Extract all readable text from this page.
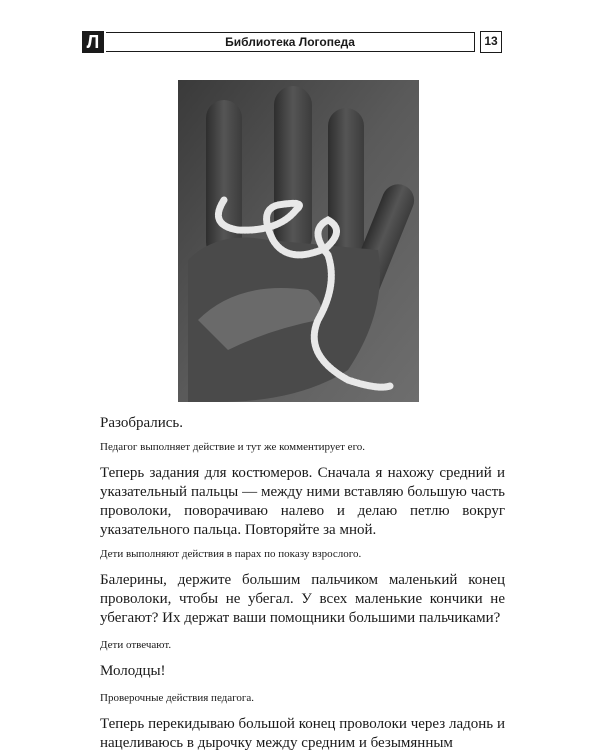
Л	Библиотека Логопеда	13

Разобрались.

Педагог выполняет действие и тут же комментирует его.

Теперь задания для костюмеров. Сначала я нахожу средний и указательный пальцы — между ними вставляю большую часть проволоки, поворачиваю налево и делаю петлю вокруг указательного пальца. Повторяйте за мной.

Дети выполняют действия в парах по показу взрослого.

Балерины, держите большим пальчиком маленький конец проволоки, чтобы не убегал. У всех маленькие кончики не убегают? Их держат ваши помощники большими пальчиками?

Дети отвечают.

Молодцы!

Проверочные действия педагога.

Теперь перекидываю большой конец проволоки через ладонь и нацеливаюсь в дырочку между средним и безымянным
